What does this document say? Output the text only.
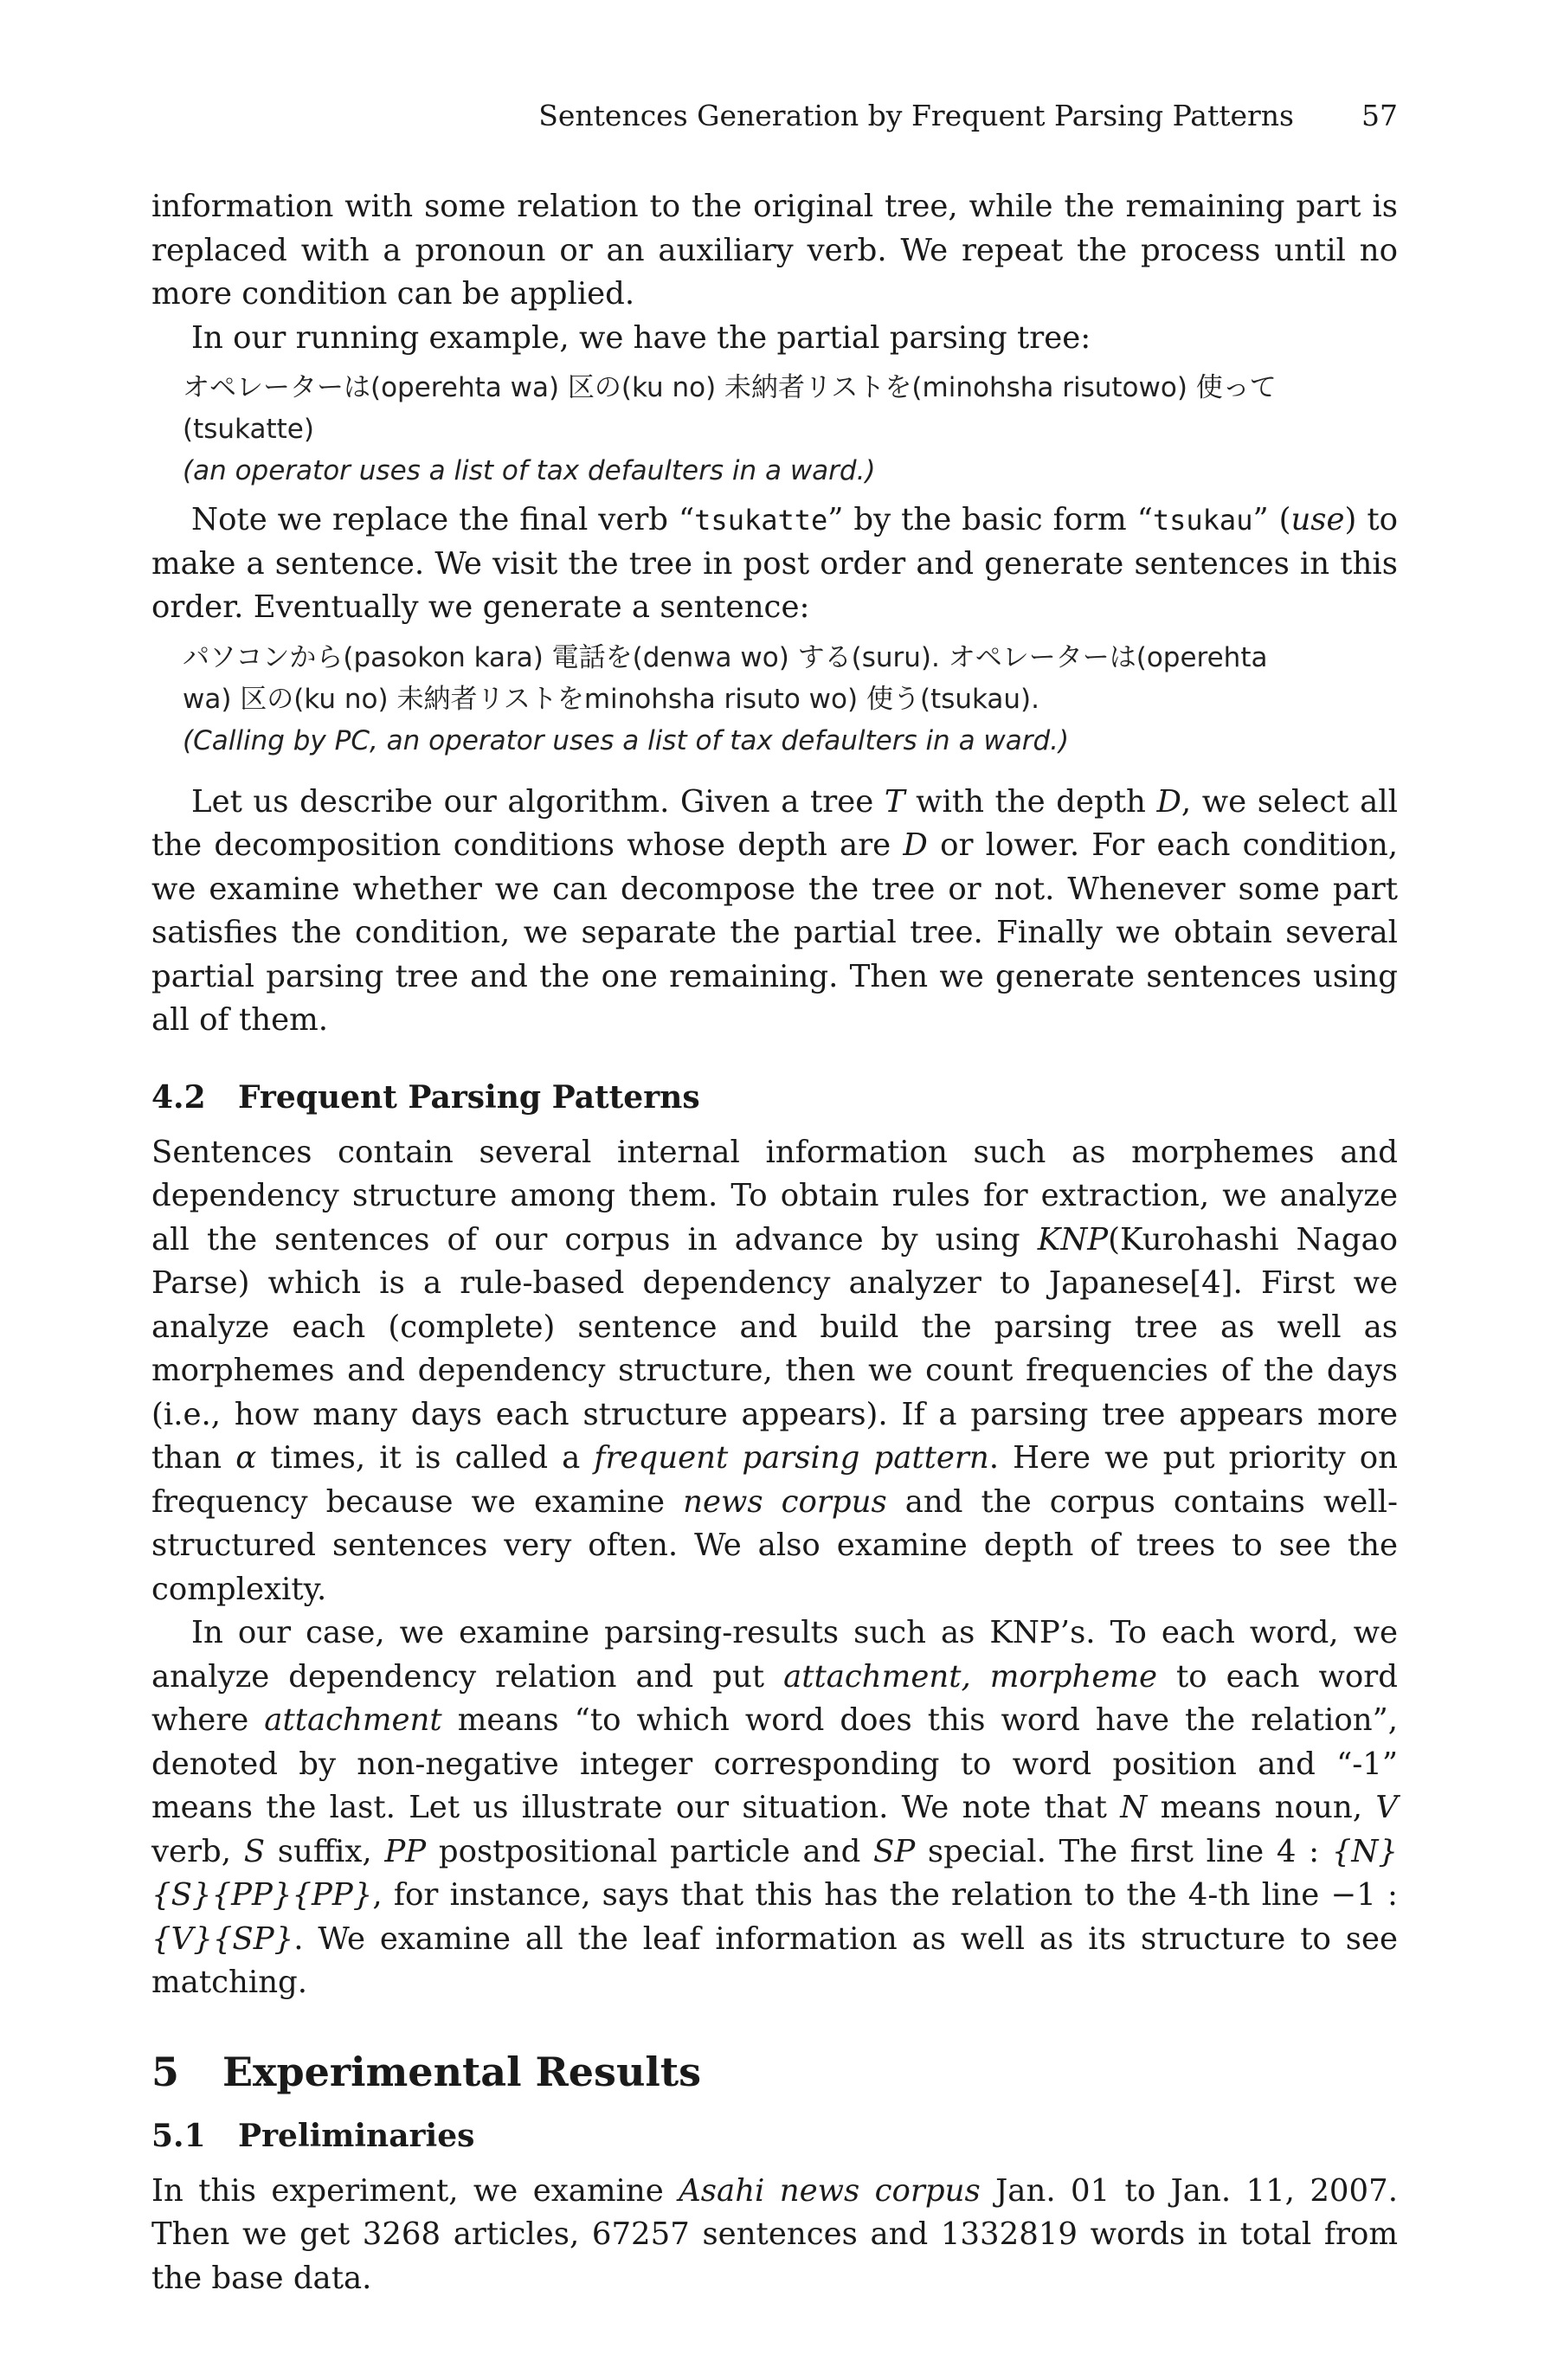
Sentences Generation by Frequent Parsing Patterns 57

information with some relation to the original tree, while the remaining part is replaced with a pronoun or an auxiliary verb. We repeat the process until no more condition can be applied.

In our running example, we have the partial parsing tree:

オペレーターは(operehta wa) 区の(ku no) 未納者リストを(minohsha risutowo) 使って
(tsukatte)
(an operator uses a list of tax defaulters in a ward.)

Note we replace the final verb “tsukatte” by the basic form “tsukau” (use) to make a sentence. We visit the tree in post order and generate sentences in this order. Eventually we generate a sentence:

パソコンから(pasokon kara) 電話を(denwa wo) する(suru). オペレーターは(operehta
wa) 区の(ku no) 未納者リストをminohsha risuto wo) 使う(tsukau).
(Calling by PC, an operator uses a list of tax defaulters in a ward.)

Let us describe our algorithm. Given a tree T with the depth D, we select all the decomposition conditions whose depth are D or lower. For each condition, we examine whether we can decompose the tree or not. Whenever some part satisfies the condition, we separate the partial tree. Finally we obtain several partial parsing tree and the one remaining. Then we generate sentences using all of them.

4.2 Frequent Parsing Patterns

Sentences contain several internal information such as morphemes and dependency structure among them. To obtain rules for extraction, we analyze all the sentences of our corpus in advance by using KNP(Kurohashi Nagao Parse) which is a rule-based dependency analyzer to Japanese[4]. First we analyze each (complete) sentence and build the parsing tree as well as morphemes and dependency structure, then we count frequencies of the days (i.e., how many days each structure appears). If a parsing tree appears more than α times, it is called a frequent parsing pattern. Here we put priority on frequency because we examine news corpus and the corpus contains well-structured sentences very often. We also examine depth of trees to see the complexity.

In our case, we examine parsing-results such as KNP’s. To each word, we analyze dependency relation and put attachment, morpheme to each word where attachment means “to which word does this word have the relation”, denoted by non-negative integer corresponding to word position and “-1” means the last. Let us illustrate our situation. We note that N means noun, V verb, S suffix, PP postpositional particle and SP special. The first line 4 : {N}{S}{PP}{PP}, for instance, says that this has the relation to the 4-th line −1 : {V}{SP}. We examine all the leaf information as well as its structure to see matching.

5 Experimental Results
5.1 Preliminaries

In this experiment, we examine Asahi news corpus Jan. 01 to Jan. 11, 2007. Then we get 3268 articles, 67257 sentences and 1332819 words in total from the base data.
